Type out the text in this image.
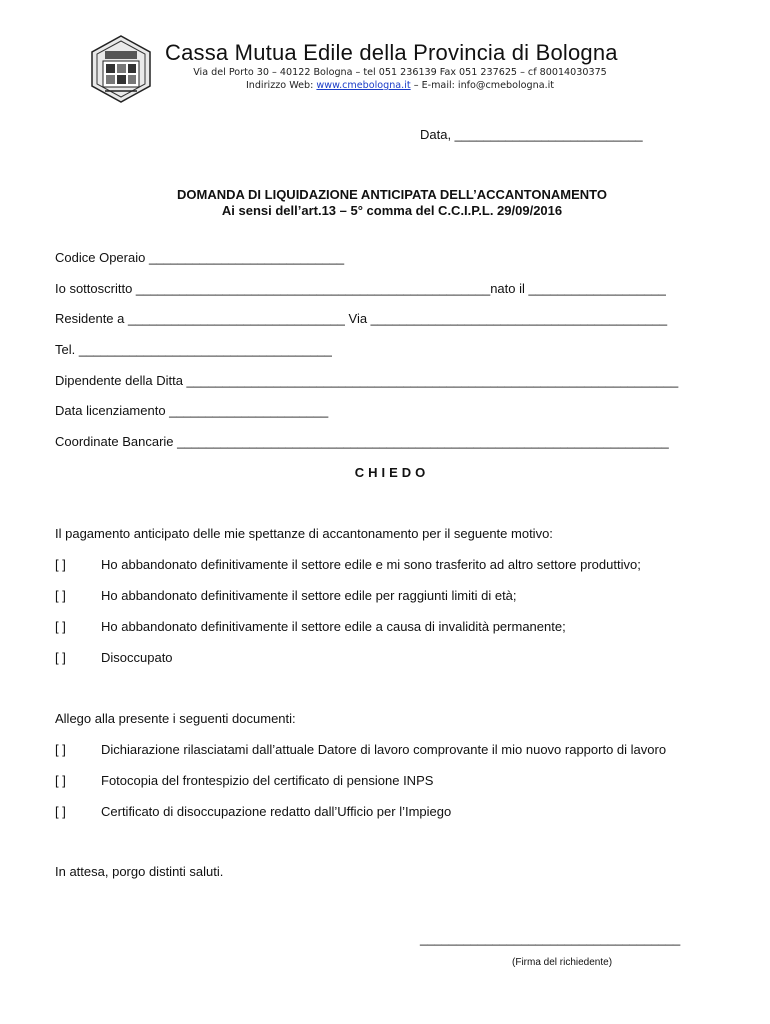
Cassa Mutua Edile della Provincia di Bologna
Via del Porto 30 – 40122 Bologna – tel 051 236139 Fax 051 237625 – cf 80014030375
Indirizzo Web: www.cmebologna.it – E-mail: info@cmebologna.it
Data, __________________________
DOMANDA DI LIQUIDAZIONE ANTICIPATA DELL’ACCANTONAMENTO
Ai sensi dell’art.13 – 5° comma del C.C.I.P.L. 29/09/2016
Codice Operaio ___________________________
Io sottoscritto _________________________________________________nato il ___________________
Residente a ______________________________ Via _________________________________________
Tel. ___________________________________
Dipendente della Ditta ____________________________________________________________________
Data licenziamento ______________________
Coordinate Bancarie ____________________________________________________________________
CHIEDO
Il pagamento anticipato delle mie spettanze di accantonamento per il seguente motivo:
[ ]	Ho abbandonato definitivamente il settore edile e mi sono trasferito ad altro settore produttivo;
[ ]	Ho abbandonato definitivamente il settore edile per raggiunti limiti di età;
[ ]	Ho abbandonato definitivamente il settore edile a causa di invalidità permanente;
[ ]	Disoccupato
Allego alla presente i seguenti documenti:
[ ]	Dichiarazione rilasciatami dall’attuale Datore di lavoro comprovante il mio nuovo rapporto di lavoro
[ ]	Fotocopia del frontespizio del certificato di pensione INPS
[ ]	Certificato di disoccupazione redatto dall’Ufficio per l’Impiego
In attesa, porgo distinti saluti.
____________________________________
(Firma del richiedente)
